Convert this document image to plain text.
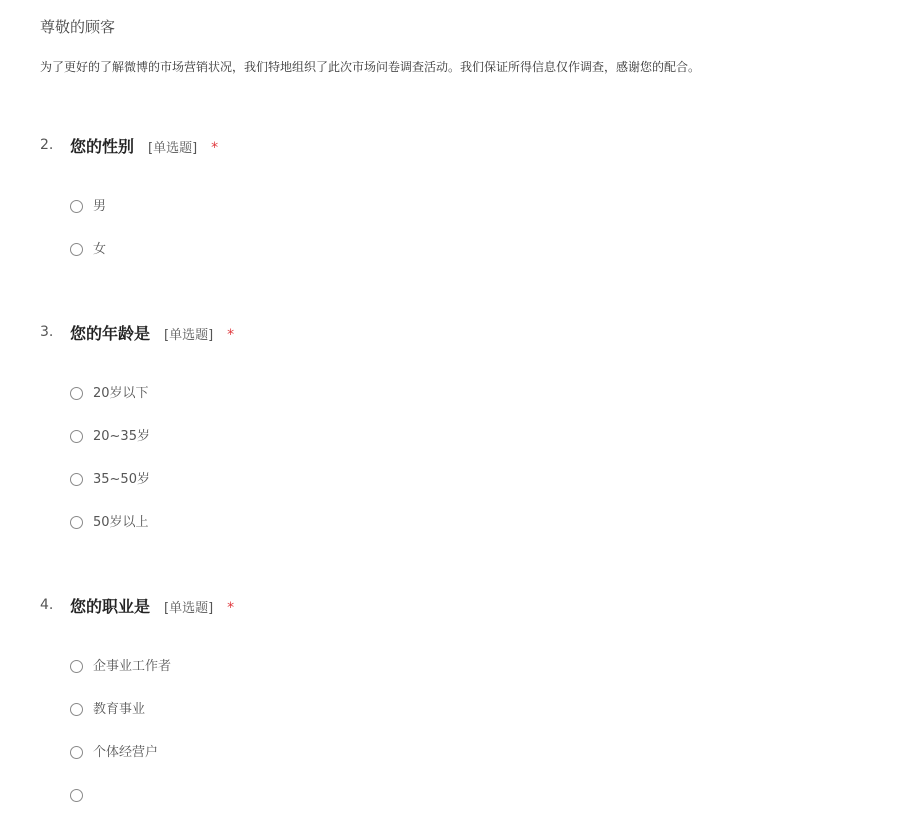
尊敬的顾客
为了更好的了解微博的市场营销状况，我们特地组织了此次市场问卷调查活动。我们保证所得信息仅作调查，感谢您的配合。
2. 您的性别 [单选题] *
男
女
3. 您的年龄是 [单选题] *
20岁以下
20~35岁
35~50岁
50岁以上
4. 您的职业是 [单选题] *
企事业工作者
教育事业
个体经营户
